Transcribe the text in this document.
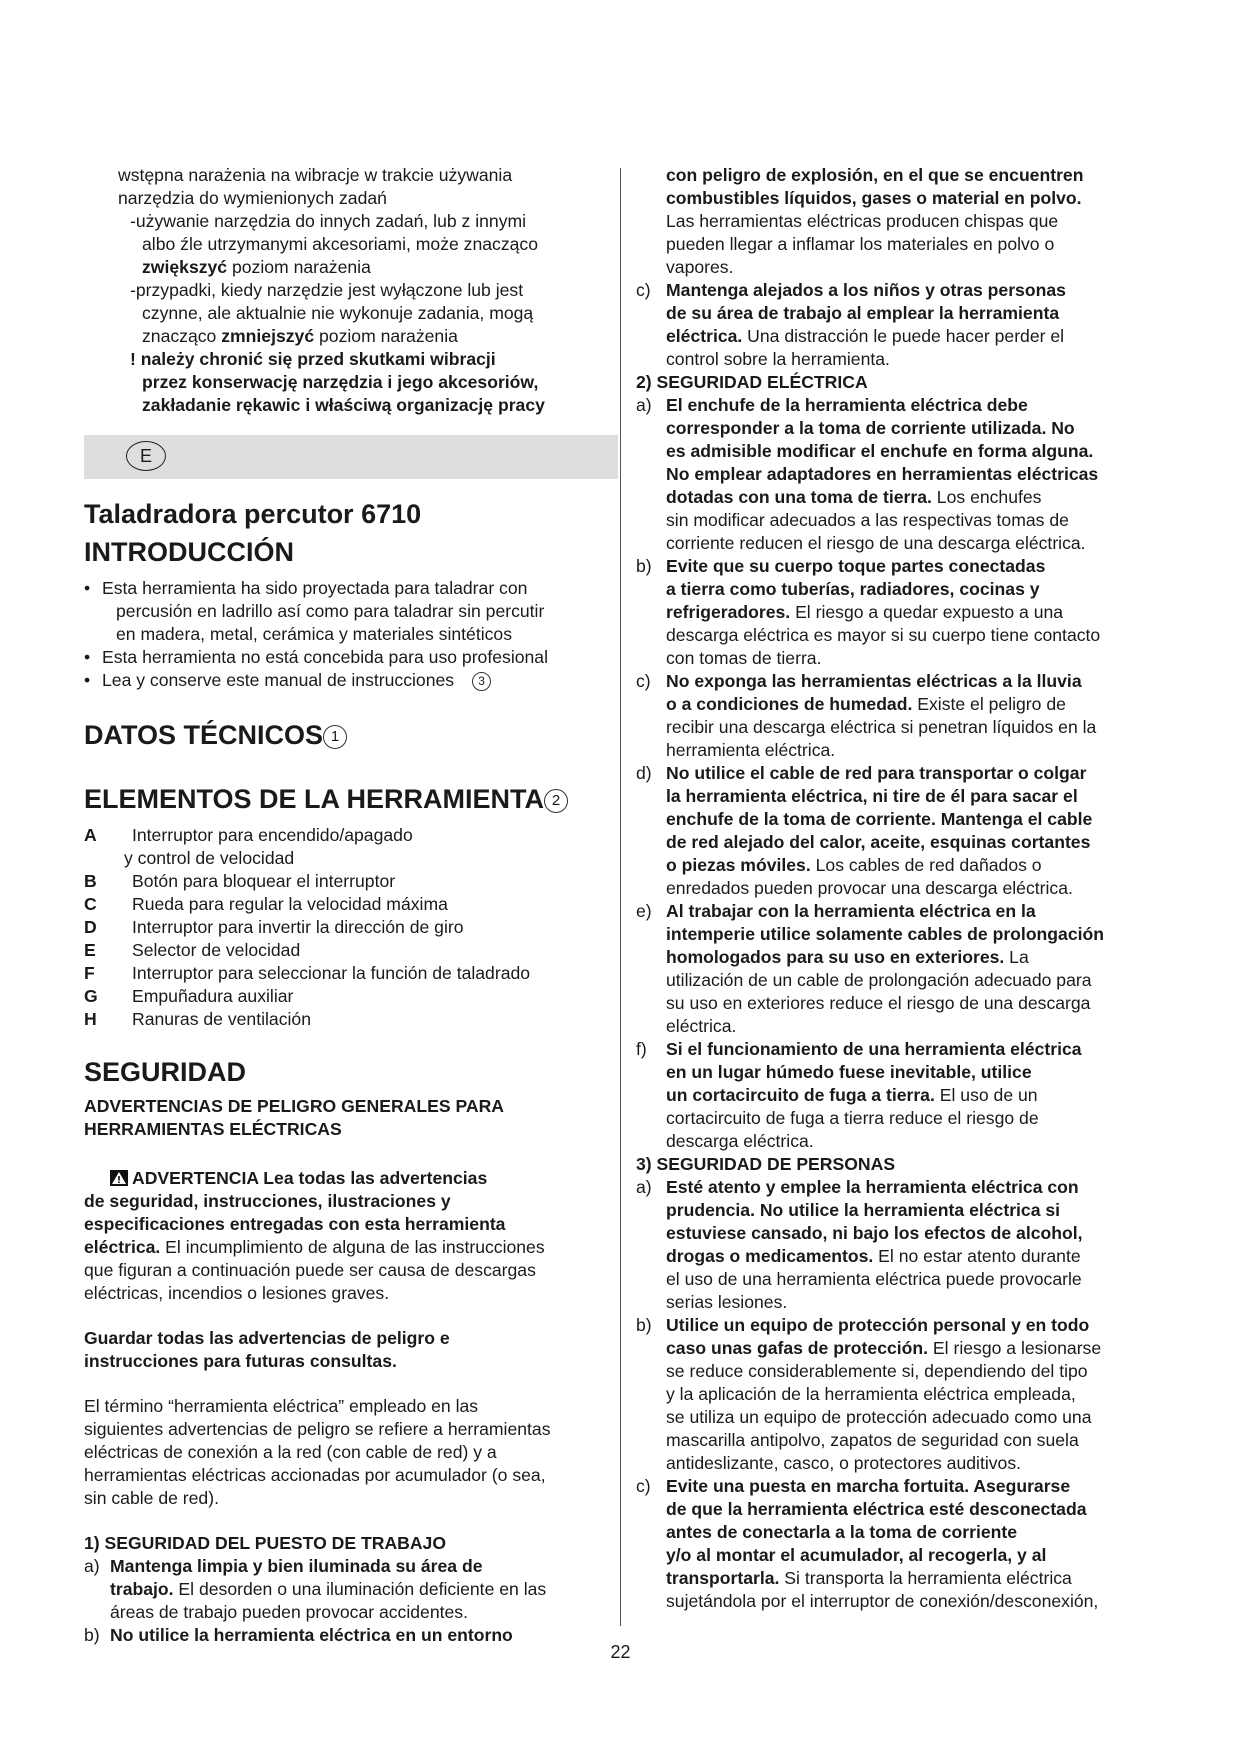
wstępna narażenia na wibracje w trakcie używania

narzędzia do wymienionych zadań

-używanie narzędzia do innych zadań, lub z innymi

albo źle utrzymanymi akcesoriami, może znacząco

zwiększyć poziom narażenia

-przypadki, kiedy narzędzie jest wyłączone lub jest

czynne, ale aktualnie nie wykonuje zadania, mogą

znacząco zmniejszyć poziom narażenia

! należy chronić się przed skutkami wibracji

przez konserwację narzędzia i jego akcesoriów,

zakładanie rękawic i właściwą organizację pracy

E
Taladradora percutor 6710
INTRODUCCIÓN
• Esta herramienta ha sido proyectada para taladrar con
percusión en ladrillo así como para taladrar sin percutir
en madera, metal, cerámica y materiales sintéticos
• Esta herramienta no está concebida para uso profesional
• Lea y conserve este manual de instrucciones 3
DATOS TÉCNICOS 1
ELEMENTOS DE LA HERRAMIENTA 2
A	Interruptor para encendido/apagado
y control de velocidad
B	Botón para bloquear el interruptor
C	Rueda para regular la velocidad máxima
D	Interruptor para invertir la dirección de giro
E	Selector de velocidad
F	Interruptor para seleccionar la función de taladrado
G	Empuñadura auxiliar
H	Ranuras de ventilación
SEGURIDAD
ADVERTENCIAS DE PELIGRO GENERALES PARA
HERRAMIENTAS ELÉCTRICAS

ADVERTENCIA Lea todas las advertencias

de seguridad, instrucciones, ilustraciones y

especificaciones entregadas con esta herramienta

eléctrica. El incumplimiento de alguna de las instrucciones

que figuran a continuación puede ser causa de descargas

eléctricas, incendios o lesiones graves.

Guardar todas las advertencias de peligro e

instrucciones para futuras consultas.

El término “herramienta eléctrica” empleado en las

siguientes advertencias de peligro se refiere a herramientas

eléctricas de conexión a la red (con cable de red) y a

herramientas eléctricas accionadas por acumulador (o sea,

sin cable de red).

1) SEGURIDAD DEL PUESTO DE TRABAJO
a) Mantenga limpia y bien iluminada su área de

trabajo. El desorden o una iluminación deficiente en las

áreas de trabajo pueden provocar accidentes.

b) No utilice la herramienta eléctrica en un entorno

con peligro de explosión, en el que se encuentren

combustibles líquidos, gases o material en polvo.

Las herramientas eléctricas producen chispas que

pueden llegar a inflamar los materiales en polvo o

vapores.

c) Mantenga alejados a los niños y otras personas

de su área de trabajo al emplear la herramienta

eléctrica. Una distracción le puede hacer perder el

control sobre la herramienta.

2) SEGURIDAD ELÉCTRICA
a) El enchufe de la herramienta eléctrica debe

corresponder a la toma de corriente utilizada. No

es admisible modificar el enchufe en forma alguna.

No emplear adaptadores en herramientas eléctricas

dotadas con una toma de tierra. Los enchufes

sin modificar adecuados a las respectivas tomas de

corriente reducen el riesgo de una descarga eléctrica.

b) Evite que su cuerpo toque partes conectadas

a tierra como tuberías, radiadores, cocinas y

refrigeradores. El riesgo a quedar expuesto a una

descarga eléctrica es mayor si su cuerpo tiene contacto

con tomas de tierra.

c) No exponga las herramientas eléctricas a la lluvia

o a condiciones de humedad. Existe el peligro de

recibir una descarga eléctrica si penetran líquidos en la

herramienta eléctrica.

d) No utilice el cable de red para transportar o colgar

la herramienta eléctrica, ni tire de él para sacar el

enchufe de la toma de corriente. Mantenga el cable

de red alejado del calor, aceite, esquinas cortantes

o piezas móviles. Los cables de red dañados o

enredados pueden provocar una descarga eléctrica.

e) Al trabajar con la herramienta eléctrica en la

intemperie utilice solamente cables de prolongación

homologados para su uso en exteriores. La

utilización de un cable de prolongación adecuado para

su uso en exteriores reduce el riesgo de una descarga

eléctrica.

f) Si el funcionamiento de una herramienta eléctrica

en un lugar húmedo fuese inevitable, utilice

un cortacircuito de fuga a tierra. El uso de un

cortacircuito de fuga a tierra reduce el riesgo de

descarga eléctrica.

3) SEGURIDAD DE PERSONAS
a) Esté atento y emplee la herramienta eléctrica con

prudencia. No utilice la herramienta eléctrica si

estuviese cansado, ni bajo los efectos de alcohol,

drogas o medicamentos. El no estar atento durante

el uso de una herramienta eléctrica puede provocarle

serias lesiones.

b) Utilice un equipo de protección personal y en todo

caso unas gafas de protección. El riesgo a lesionarse

se reduce considerablemente si, dependiendo del tipo

y la aplicación de la herramienta eléctrica empleada,

se utiliza un equipo de protección adecuado como una

mascarilla antipolvo, zapatos de seguridad con suela

antideslizante, casco, o protectores auditivos.

c) Evite una puesta en marcha fortuita. Asegurarse

de que la herramienta eléctrica esté desconectada

antes de conectarla a la toma de corriente

y/o al montar el acumulador, al recogerla, y al

transportarla. Si transporta la herramienta eléctrica

sujetándola por el interruptor de conexión/desconexión,

22
